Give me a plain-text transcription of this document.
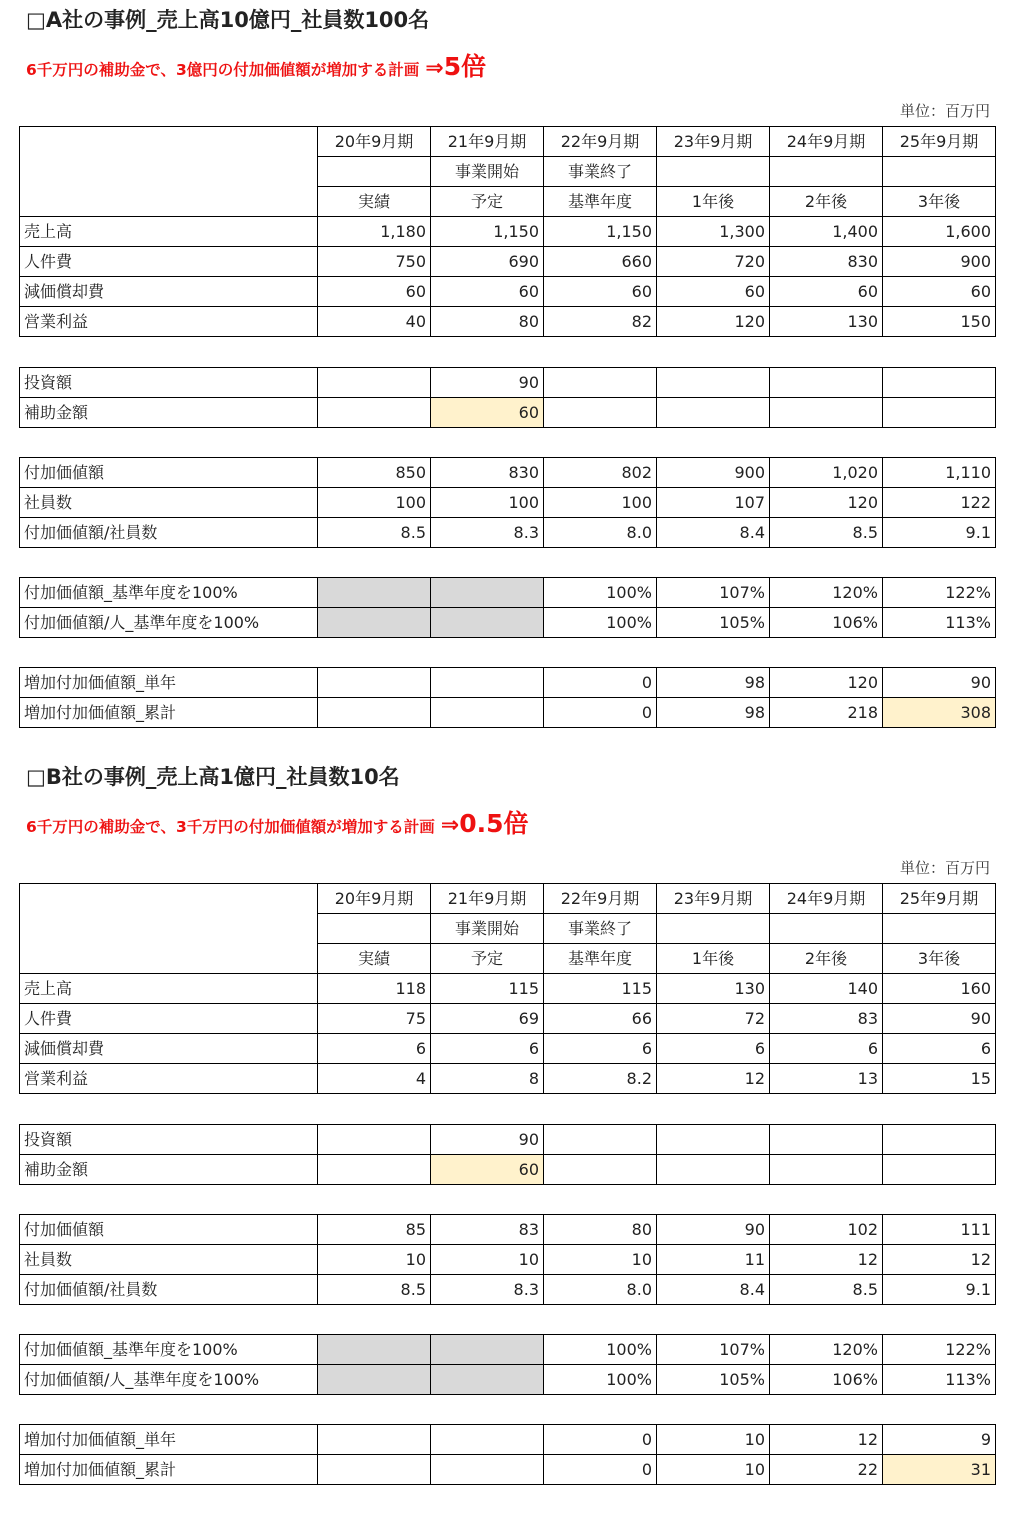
□A社の事例_売上高10億円_社員数100名

6千万円の補助金で、3億円の付加価値額が増加する計画 ⇒5倍

単位：百万円
	20年9月期	21年9月期	22年9月期	23年9月期	24年9月期	25年9月期
		事業開始	事業終了			
	実績	予定	基準年度	1年後	2年後	3年後
売上高	1,180	1,150	1,150	1,300	1,400	1,600
人件費	750	690	660	720	830	900
減価償却費	60	60	60	60	60	60
営業利益	40	80	82	120	130	150
投資額		90				
補助金額		60				
付加価値額	850	830	802	900	1,020	1,110
社員数	100	100	100	107	120	122
付加価値額/社員数	8.5	8.3	8.0	8.4	8.5	9.1
付加価値額_基準年度を100%			100%	107%	120%	122%
付加価値額/人_基準年度を100%			100%	105%	106%	113%
増加付加価値額_単年			0	98	120	90
増加付加価値額_累計			0	98	218	308
□B社の事例_売上高1億円_社員数10名

6千万円の補助金で、3千万円の付加価値額が増加する計画 ⇒0.5倍

単位：百万円
	20年9月期	21年9月期	22年9月期	23年9月期	24年9月期	25年9月期
		事業開始	事業終了			
	実績	予定	基準年度	1年後	2年後	3年後
売上高	118	115	115	130	140	160
人件費	75	69	66	72	83	90
減価償却費	6	6	6	6	6	6
営業利益	4	8	8.2	12	13	15
投資額		90				
補助金額		60				
付加価値額	85	83	80	90	102	111
社員数	10	10	10	11	12	12
付加価値額/社員数	8.5	8.3	8.0	8.4	8.5	9.1
付加価値額_基準年度を100%			100%	107%	120%	122%
付加価値額/人_基準年度を100%			100%	105%	106%	113%
増加付加価値額_単年			0	10	12	9
増加付加価値額_累計			0	10	22	31
